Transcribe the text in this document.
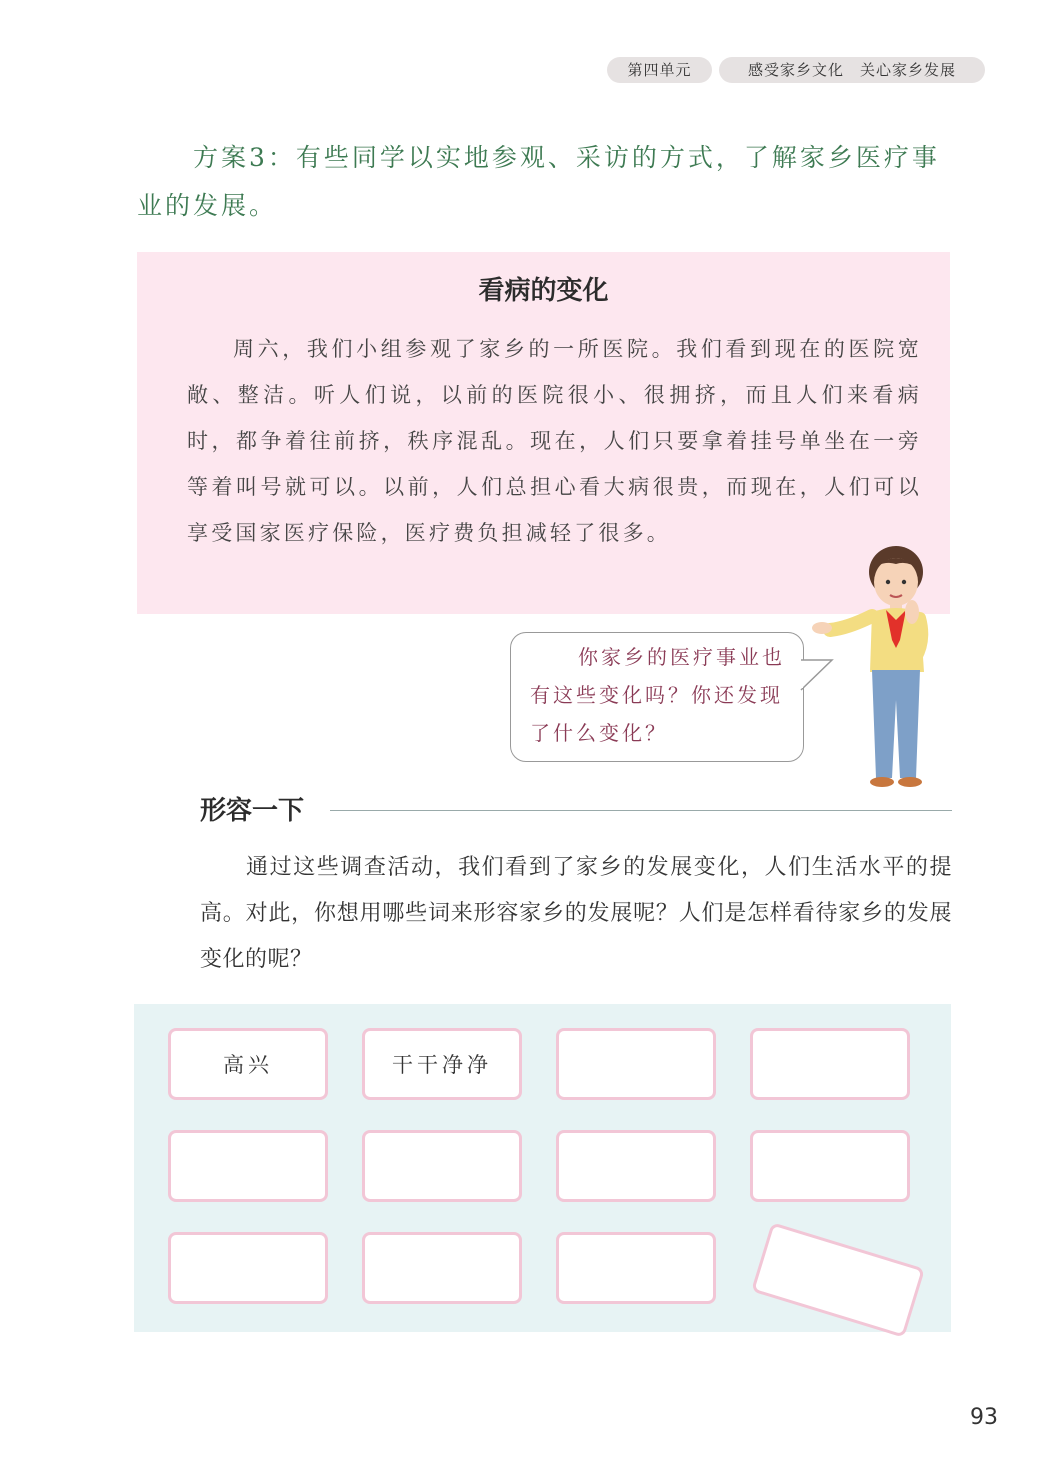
第四单元	感受家乡文化　关心家乡发展
方案3：有些同学以实地参观、采访的方式，了解家乡医疗事业的发展。
看病的变化
周六，我们小组参观了家乡的一所医院。我们看到现在的医院宽敞、整洁。听人们说，以前的医院很小、很拥挤，而且人们来看病时，都争着往前挤，秩序混乱。现在，人们只要拿着挂号单坐在一旁等着叫号就可以。以前，人们总担心看大病很贵，而现在，人们可以享受国家医疗保险，医疗费负担减轻了很多。
你家乡的医疗事业也有这些变化吗？你还发现了什么变化？
形容一下
通过这些调查活动，我们看到了家乡的发展变化，人们生活水平的提高。对此，你想用哪些词来形容家乡的发展呢？人们是怎样看待家乡的发展变化的呢？
高兴	干干净净
93
